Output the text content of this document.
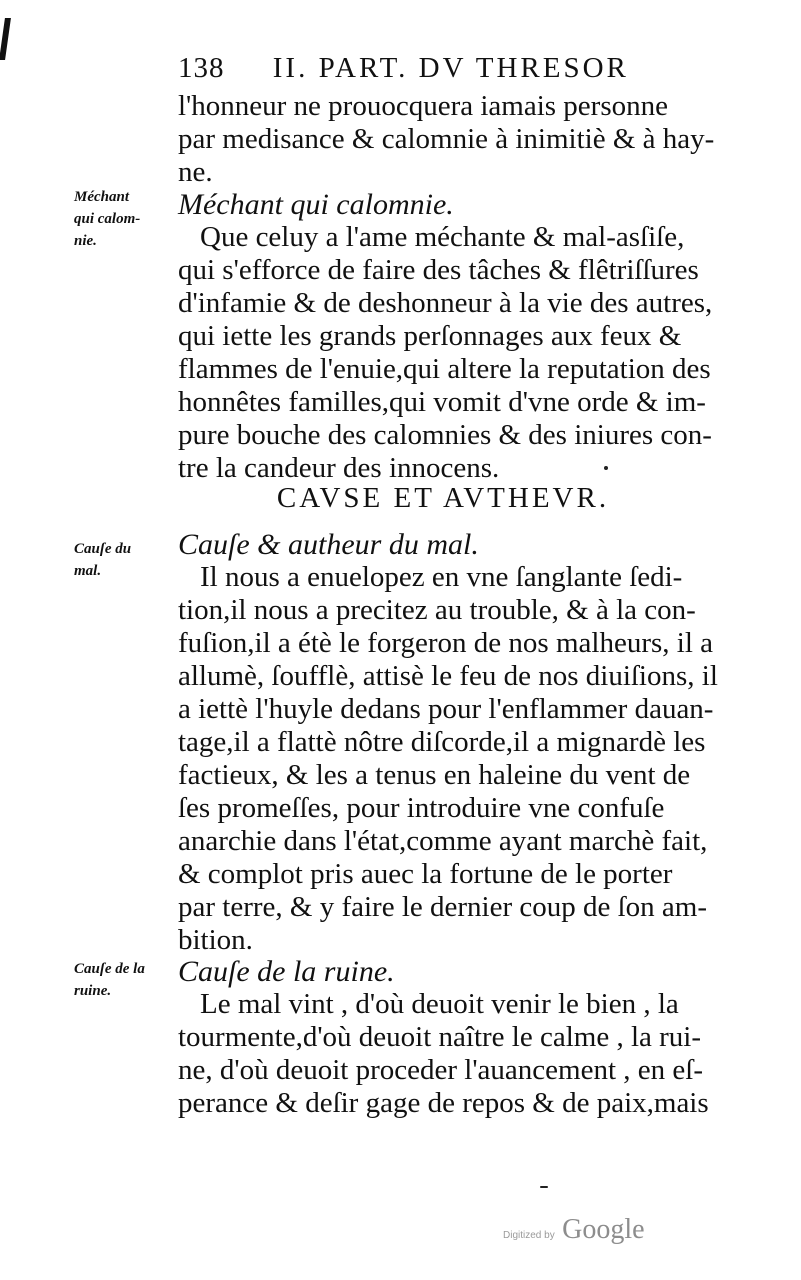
138 II. PART. DV THRESOR
l'honneur ne prouocquera iamais personne
par medisance & calomnie à inimitiè & à hay-
ne.
Méchant
qui calom-
nie.
Méchant qui calomnie.
Que celuy a l'ame méchante & mal-asſiſe,
qui s'efforce de faire des tâches & flêtriſſures
d'infamie & de deshonneur à la vie des autres,
qui iette les grands perſonnages aux feux &
flammes de l'enuie,qui altere la reputation des
honnêtes familles,qui vomit d'vne orde & im-
pure bouche des calomnies & des iniures con-
tre la candeur des innocens.
CAVSE ET AVTHEVR.
Cauſe du
mal.
Cauſe & autheur du mal.
Il nous a enuelopez en vne ſanglante ſedi-
tion,il nous a precitez au trouble, & à la con-
fuſion,il a étè le forgeron de nos malheurs, il a
allumè, ſoufflè, attisè le feu de nos diuiſions, il
a iettè l'huyle dedans pour l'enflammer dauan-
tage,il a flattè nôtre diſcorde,il a mignardè les
factieux, & les a tenus en haleine du vent de
ſes promeſſes, pour introduire vne confuſe
anarchie dans l'état,comme ayant marchè fait,
& complot pris auec la fortune de le porter
par terre, & y faire le dernier coup de ſon am-
bition.
Cauſe de la
ruine.
Cauſe de la ruine.
Le mal vint , d'où deuoit venir le bien , la
tourmente,d'où deuoit naître le calme , la rui-
ne, d'où deuoit proceder l'auancement , en eſ-
perance & deſir gage de repos & de paix,mais
Digitized by Google
